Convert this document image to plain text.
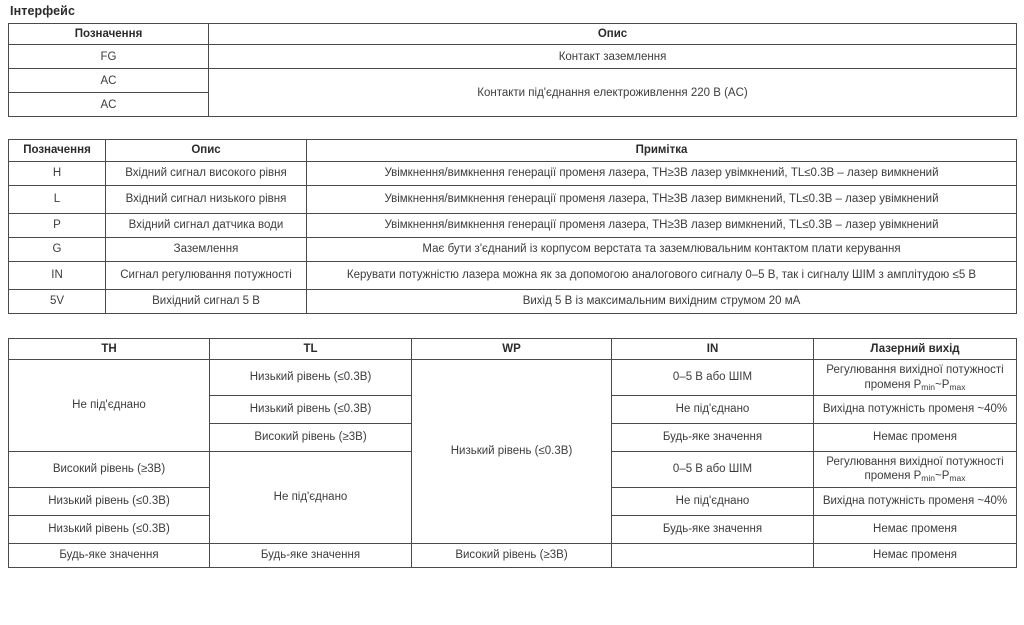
Інтерфейс
Позначення	Опис
FG	Контакт заземлення
AC	Контакти під'єднання електроживлення 220 В (AC)
AC	
Позначення	Опис	Примітка
H	Вхідний сигнал високого рівня	Увімкнення/вимкнення генерації променя лазера, TH≥3B лазер увімкнений, TL≤0.3B – лазер вимкнений
L	Вхідний сигнал низького рівня	Увімкнення/вимкнення генерації променя лазера, TH≥3B лазер вимкнений, TL≤0.3B – лазер увімкнений
P	Вхідний сигнал датчика води	Увімкнення/вимкнення генерації променя лазера, TH≥3B лазер вимкнений, TL≤0.3B – лазер увімкнений
G	Заземлення	Має бути з'єднаний із корпусом верстата та заземлювальним контактом плати керування
IN	Сигнал регулювання потужності	Керувати потужністю лазера можна як за допомогою аналогового сигналу 0–5 В, так і сигналу ШІМ з амплітудою ≤5 В
5V	Вихідний сигнал 5 В	Вихід 5 В із максимальним вихідним струмом 20 мА
TH	TL	WP	IN	Лазерний вихід
Не під'єднано	Низький рівень (≤0.3B)	Низький рівень (≤0.3B)	0–5 В або ШІМ	Регулювання вихідної потужності променя $P_{min}\sim P_{max}$
	Низький рівень (≤0.3B)		Не під'єднано	Вихідна потужність променя ~40%
	Високий рівень (≥3B)		Будь-яке значення	Немає променя
Високий рівень (≥3B)	Не під'єднано		0–5 В або ШІМ	Регулювання вихідної потужності променя $P_{min}\sim P_{max}$
Низький рівень (≤0.3B)			Не під'єднано	Вихідна потужність променя ~40%
Низький рівень (≤0.3B)			Будь-яке значення	Немає променя
Будь-яке значення	Будь-яке значення	Високий рівень (≥3B)		Немає променя
